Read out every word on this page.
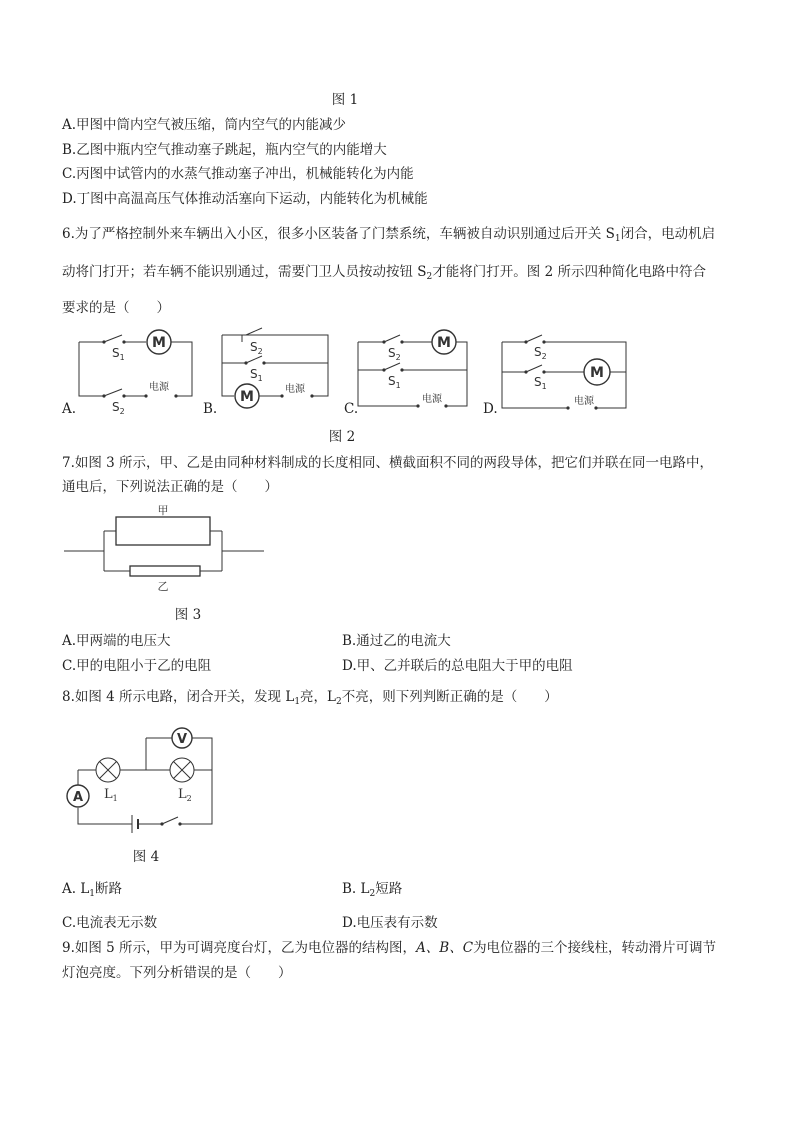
图 1
A.甲图中筒内空气被压缩，筒内空气的内能减少
B.乙图中瓶内空气推动塞子跳起，瓶内空气的内能增大
C.丙图中试管内的水蒸气推动塞子冲出，机械能转化为内能
D.丁图中高温高压气体推动活塞向下运动，内能转化为机械能
6.为了严格控制外来车辆出入小区，很多小区装备了门禁系统，车辆被自动识别通过后开关 $S_1$闭合，电动机启
动将门打开；若车辆不能识别通过，需要门卫人员按动按钮 $S_2$才能将门打开。图 2 所示四种简化电路中符合
要求的是（　　）
A.
M
$S_1$
电源
$S_2$	B.
M
$S_2$
$S_1$
电源
C.
M
$S_2$
$S_1$
电源
D.
M
$S_2$
$S_1$
电源
图 2
7.如图 3 所示，甲、乙是由同种材料制成的长度相同、横截面积不同的两段导体，把它们并联在同一电路中，
通电后，下列说法正确的是（　　）
甲
乙
图 3
A.甲两端的电压大	B.通过乙的电流大
C.甲的电阻小于乙的电阻	D.甲、乙并联后的总电阻大于甲的电阻
8.如图 4 所示电路，闭合开关，发现 $L_1$亮，$L_2$不亮，则下列判断正确的是（　　）
V
A $L_1$	$L_2$
图 4
A. $L_1$断路	B. $L_2$短路
C.电流表无示数	D.电压表有示数
9.如图 5 所示，甲为可调亮度台灯，乙为电位器的结构图，A、B、C为电位器的三个接线柱，转动滑片可调节
灯泡亮度。下列分析错误的是（　　）
